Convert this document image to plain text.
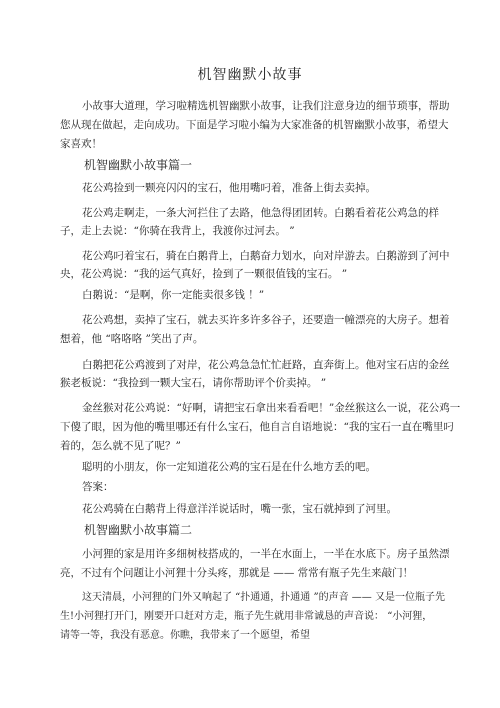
机智幽默小故事
小故事大道理，学习啦精选机智幽默小故事，让我们注意身边的细节琐事，帮助
您从现在做起，走向成功。下面是学习啦小编为大家准备的机智幽默小故事，希望大
家喜欢！
机智幽默小故事篇一
花公鸡捡到一颗亮闪闪的宝石，他用嘴叼着，准备上街去卖掉。
花公鸡走啊走，一条大河拦住了去路，他急得团团转。白鹅看着花公鸡急的样
子，走上去说：“你骑在我背上，我渡你过河去。 ”
花公鸡叼着宝石，骑在白鹅背上，白鹅奋力划水，向对岸游去。白鹅游到了河中
央，花公鸡说：“我的运气真好，捡到了一颗很值钱的宝石。 ”
白鹅说：“是啊，你一定能卖很多钱 ！”
花公鸡想，卖掉了宝石，就去买许多许多谷子，还要造一幢漂亮的大房子。想着
想着，他 “咯咯咯 ”笑出了声。
白鹅把花公鸡渡到了对岸，花公鸡急急忙忙赶路，直奔街上。他对宝石店的金丝
猴老板说：“我捡到一颗大宝石，请你帮助评个价卖掉。 ”
金丝猴对花公鸡说：“好啊，请把宝石拿出来看看吧！”金丝猴这么一说，花公鸡一
下傻了眼，因为他的嘴里哪还有什么宝石，他自言自语地说：“我的宝石一直在嘴里叼
着的，怎么就不见了呢？”
聪明的小朋友，你一定知道花公鸡的宝石是在什么地方丢的吧。
答案：
花公鸡骑在白鹅背上得意洋洋说话时，嘴一张，宝石就掉到了河里。
机智幽默小故事篇二
小河狸的家是用许多细树枝搭成的，一半在水面上，一半在水底下。房子虽然漂
亮，不过有个问题让小河狸十分头疼，那就是 —— 常常有瓶子先生来敲门！
这天清晨，小河狸的门外又响起了 “扑通通，扑通通 ”的声音 —— 又是一位瓶子先
生!小河狸打开门，刚要开口赶对方走，瓶子先生就用非常诚恳的声音说： “小河狸，
请等一等，我没有恶意。你瞧，我带来了一个愿望，希望
